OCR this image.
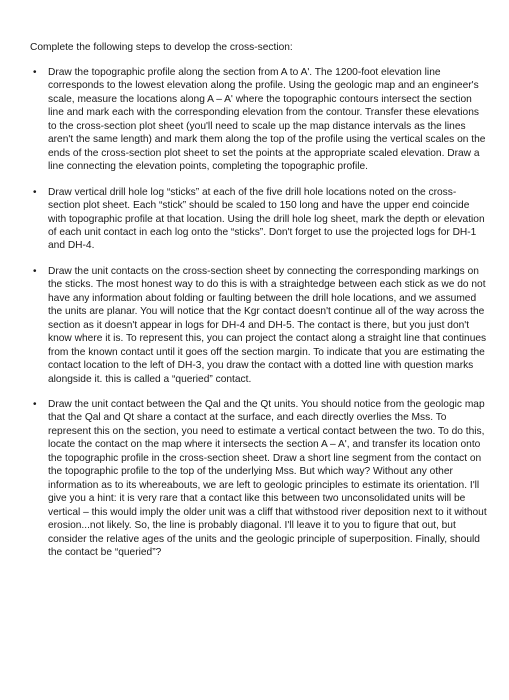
Complete the following steps to develop the cross-section:

• Draw the topographic profile along the section from A to A'. The 1200-foot elevation line corresponds to the lowest elevation along the profile. Using the geologic map and an engineer's scale, measure the locations along A – A' where the topographic contours intersect the section line and mark each with the corresponding elevation from the contour. Transfer these elevations to the cross-section plot sheet (you'll need to scale up the map distance intervals as the lines aren't the same length) and mark them along the top of the profile using the vertical scales on the ends of the cross-section plot sheet to set the points at the appropriate scaled elevation. Draw a line connecting the elevation points, completing the topographic profile.
• Draw vertical drill hole log “sticks” at each of the five drill hole locations noted on the cross-section plot sheet. Each “stick” should be scaled to 150 long and have the upper end coincide with topographic profile at that location. Using the drill hole log sheet, mark the depth or elevation of each unit contact in each log onto the “sticks”. Don't forget to use the projected logs for DH-1 and DH-4.
• Draw the unit contacts on the cross-section sheet by connecting the corresponding markings on the sticks. The most honest way to do this is with a straightedge between each stick as we do not have any information about folding or faulting between the drill hole locations, and we assumed the units are planar. You will notice that the Kgr contact doesn't continue all of the way across the section as it doesn't appear in logs for DH-4 and DH-5. The contact is there, but you just don't know where it is. To represent this, you can project the contact along a straight line that continues from the known contact until it goes off the section margin. To indicate that you are estimating the contact location to the left of DH-3, you draw the contact with a dotted line with question marks alongside it. this is called a “queried” contact.
• Draw the unit contact between the Qal and the Qt units. You should notice from the geologic map that the Qal and Qt share a contact at the surface, and each directly overlies the Mss. To represent this on the section, you need to estimate a vertical contact between the two. To do this, locate the contact on the map where it intersects the section A – A', and transfer its location onto the topographic profile in the cross-section sheet. Draw a short line segment from the contact on the topographic profile to the top of the underlying Mss. But which way? Without any other information as to its whereabouts, we are left to geologic principles to estimate its orientation. I'll give you a hint: it is very rare that a contact like this between two unconsolidated units will be vertical – this would imply the older unit was a cliff that withstood river deposition next to it without erosion...not likely. So, the line is probably diagonal. I'll leave it to you to figure that out, but consider the relative ages of the units and the geologic principle of superposition. Finally, should the contact be “queried”?
